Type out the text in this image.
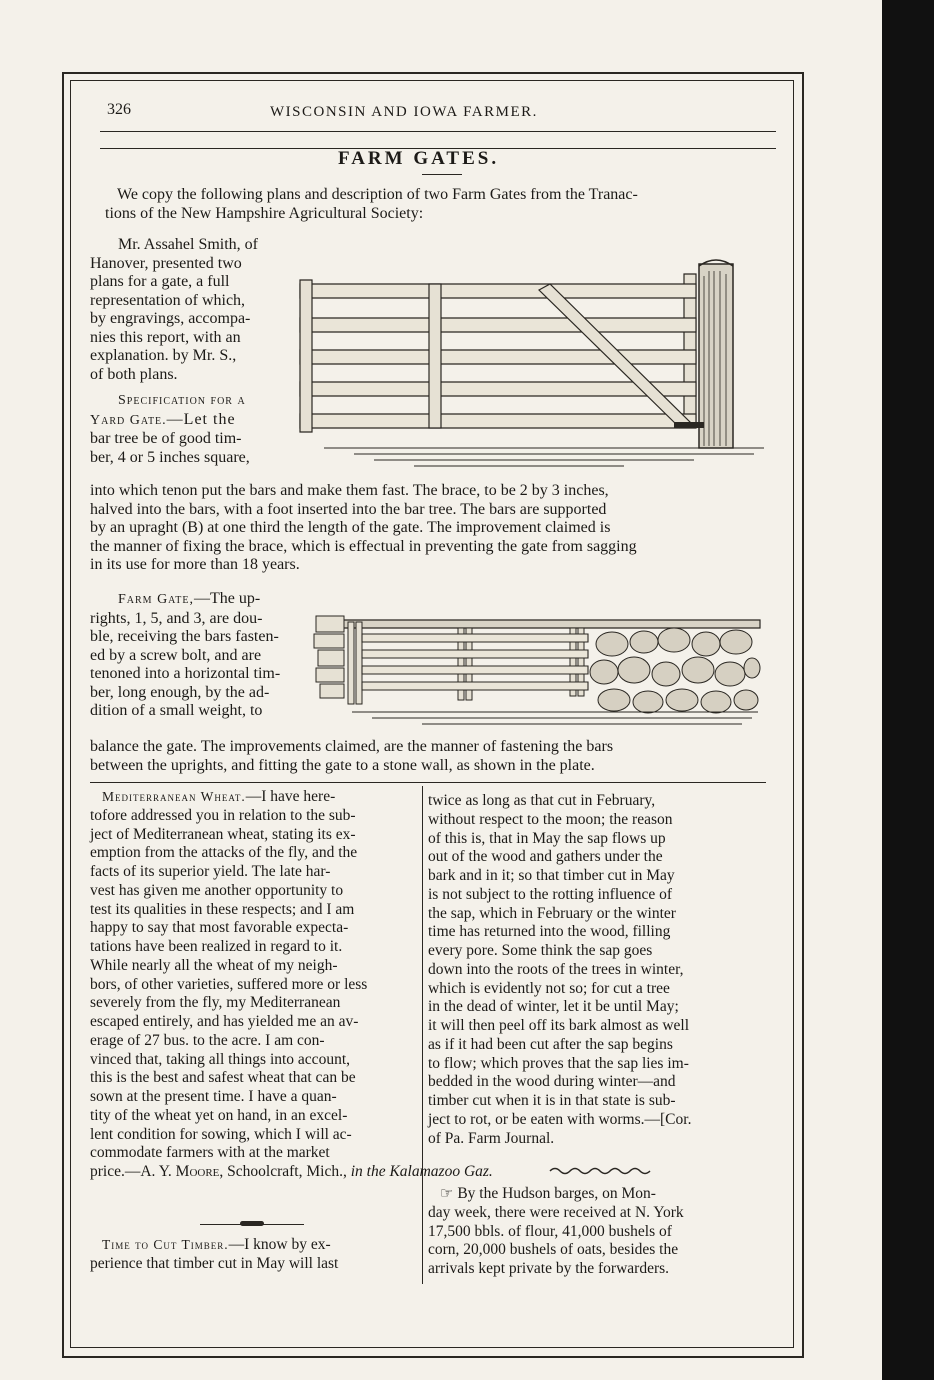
326	WISCONSIN AND IOWA FARMER.
FARM GATES.
We copy the following plans and description of two Farm Gates from the Tranac-
tions of the New Hampshire Agricultural Society:
Mr. Assahel Smith, of
Hanover, presented two
plans for a gate, a full
representation of which,
by engravings, accompa-
nies this report, with an
explanation. by Mr. S.,
of both plans.
Specification for a
Yard Gate.—Let the
bar tree be of good tim-
ber, 4 or 5 inches square,
into which tenon put the bars and make them fast. The brace, to be 2 by 3 inches,
halved into the bars, with a foot inserted into the bar tree. The bars are supported
by an upraght (B) at one third the length of the gate. The improvement claimed is
the manner of fixing the brace, which is effectual in preventing the gate from sagging
in its use for more than 18 years.
Farm Gate,—The up-
rights, 1, 5, and 3, are dou-
ble, receiving the bars fasten-
ed by a screw bolt, and are
tenoned into a horizontal tim-
ber, long enough, by the ad-
dition of a small weight, to
balance the gate. The improvements claimed, are the manner of fastening the bars
between the uprights, and fitting the gate to a stone wall, as shown in the plate.
Mediterranean Wheat.—I have here-
tofore addressed you in relation to the sub-
ject of Mediterranean wheat, stating its ex-
emption from the attacks of the fly, and the
facts of its superior yield. The late har-
vest has given me another opportunity to
test its qualities in these respects; and I am
happy to say that most favorable expecta-
tations have been realized in regard to it.
While nearly all the wheat of my neigh-
bors, of other varieties, suffered more or less
severely from the fly, my Mediterranean
escaped entirely, and has yielded me an av-
erage of 27 bus. to the acre. I am con-
vinced that, taking all things into account,
this is the best and safest wheat that can be
sown at the present time. I have a quan-
tity of the wheat yet on hand, in an excel-
lent condition for sowing, which I will ac-
commodate farmers with at the market
price.—A. Y. Moore, Schoolcraft, Mich., in the Kalamazoo Gaz.
Time to Cut Timber.—I know by ex-
perience that timber cut in May will last
twice as long as that cut in February,
without respect to the moon; the reason
of this is, that in May the sap flows up
out of the wood and gathers under the
bark and in it; so that timber cut in May
is not subject to the rotting influence of
the sap, which in February or the winter
time has returned into the wood, filling
every pore. Some think the sap goes
down into the roots of the trees in winter,
which is evidently not so; for cut a tree
in the dead of winter, let it be until May;
it will then peel off its bark almost as well
as if it had been cut after the sap begins
to flow; which proves that the sap lies im-
bedded in the wood during winter—and
timber cut when it is in that state is sub-
ject to rot, or be eaten with worms.—[Cor.
of Pa. Farm Journal.
☞ By the Hudson barges, on Mon-
day week, there were received at N. York
17,500 bbls. of flour, 41,000 bushels of
corn, 20,000 bushels of oats, besides the
arrivals kept private by the forwarders.
